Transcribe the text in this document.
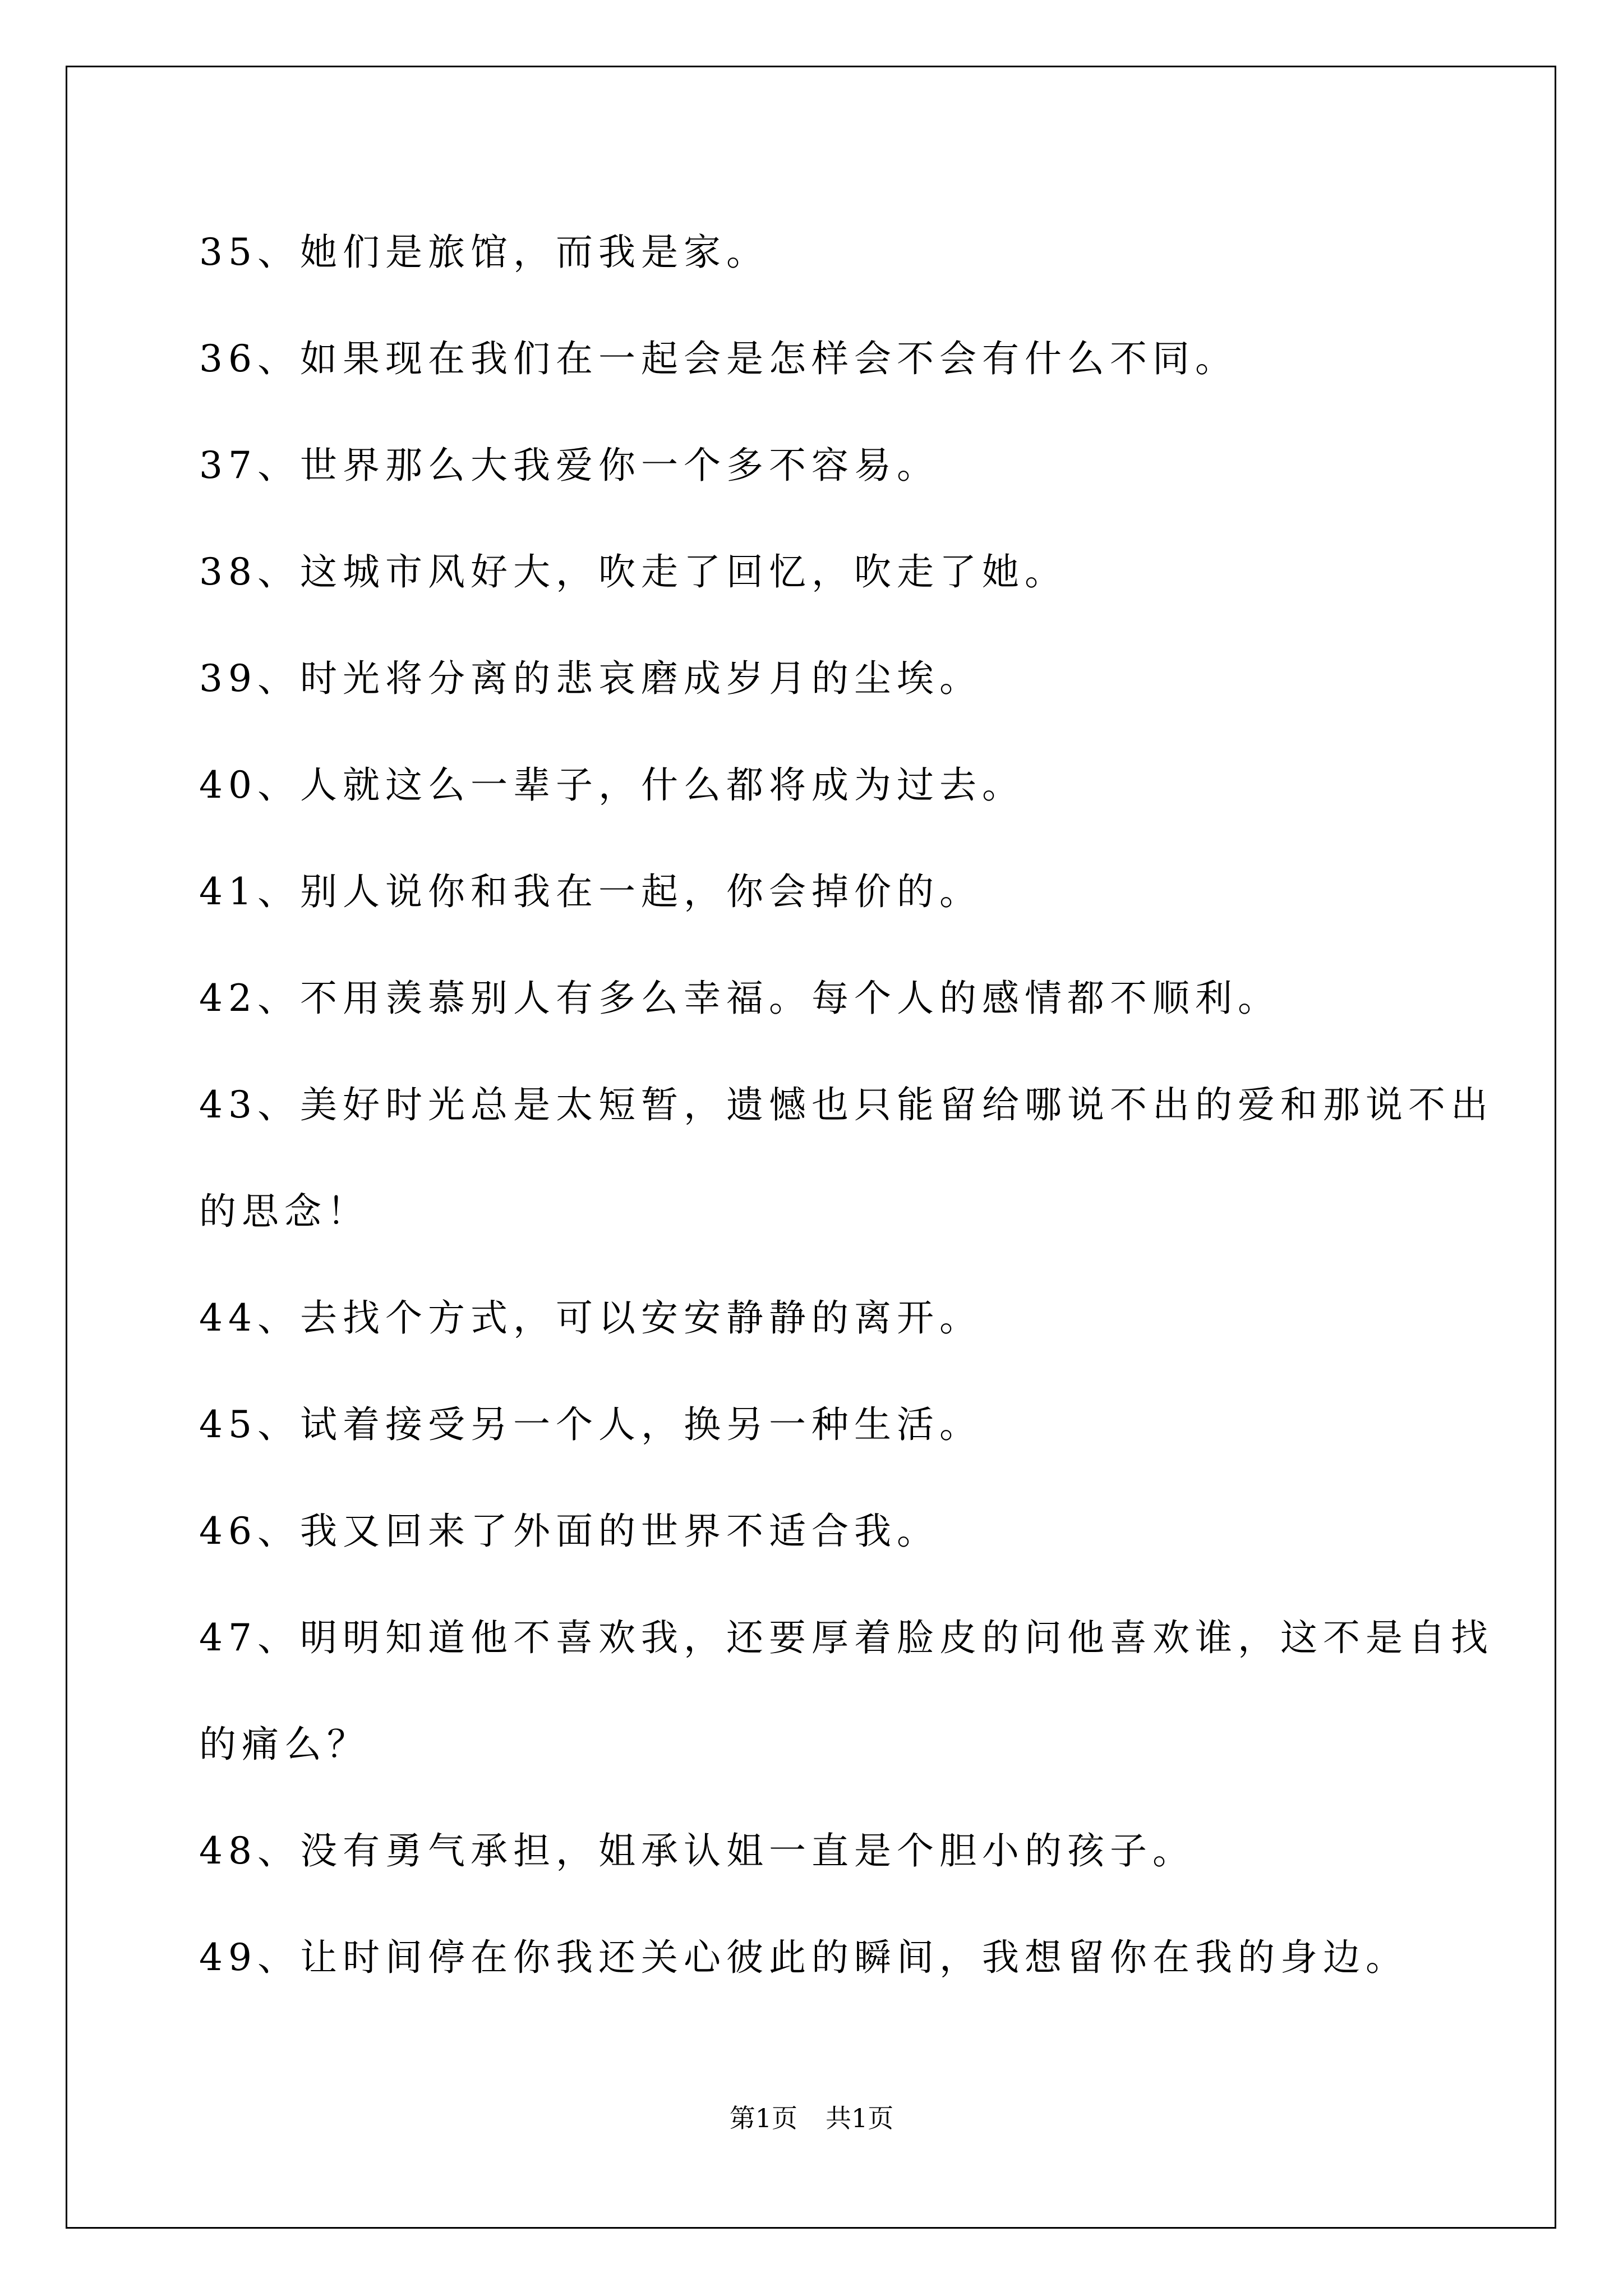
35、她们是旅馆，而我是家。
36、如果现在我们在一起会是怎样会不会有什么不同。
37、世界那么大我爱你一个多不容易。
38、这城市风好大，吹走了回忆，吹走了她。
39、时光将分离的悲哀磨成岁月的尘埃。
40、人就这么一辈子，什么都将成为过去。
41、别人说你和我在一起，你会掉价的。
42、不用羡慕别人有多么幸福。每个人的感情都不顺利。
43、美好时光总是太短暂，遗憾也只能留给哪说不出的爱和那说不出
的思念！
44、去找个方式，可以安安静静的离开。
45、试着接受另一个人，换另一种生活。
46、我又回来了外面的世界不适合我。
47、明明知道他不喜欢我，还要厚着脸皮的问他喜欢谁，这不是自找
的痛么？
48、没有勇气承担，姐承认姐一直是个胆小的孩子。
49、让时间停在你我还关心彼此的瞬间，我想留你在我的身边。
第1页 共1页
